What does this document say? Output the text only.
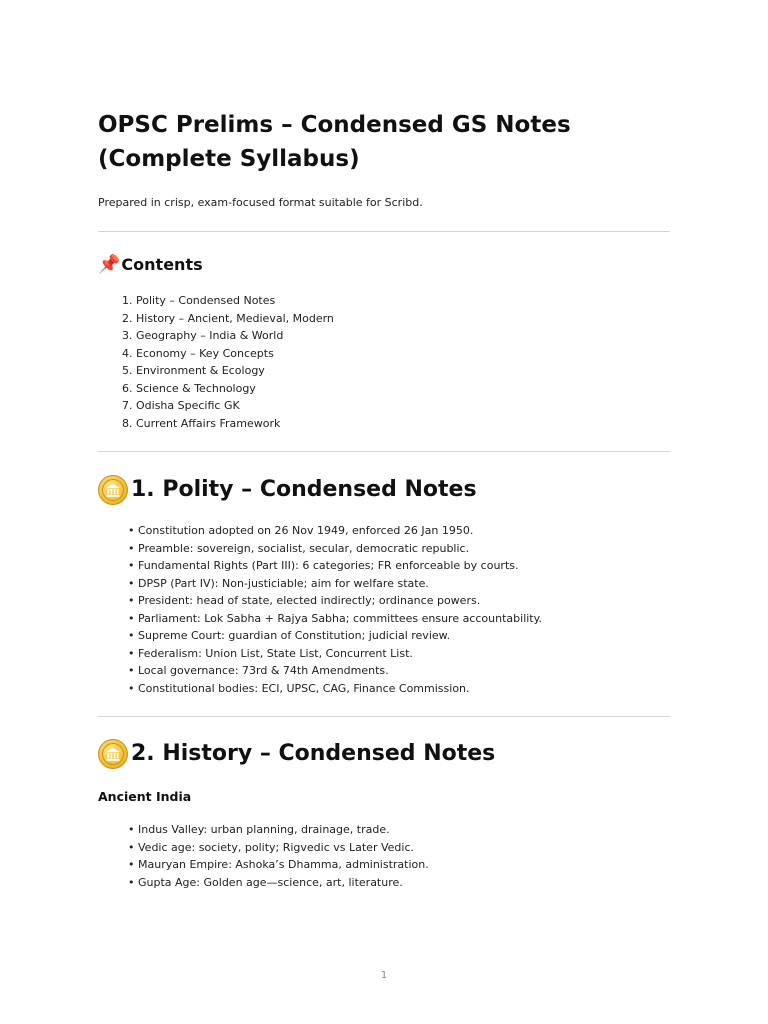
OPSC Prelims – Condensed GS Notes (Complete Syllabus)
Prepared in crisp, exam-focused format suitable for Scribd.
📌 Contents
1. Polity – Condensed Notes
2. History – Ancient, Medieval, Modern
3. Geography – India & World
4. Economy – Key Concepts
5. Environment & Ecology
6. Science & Technology
7. Odisha Specific GK
8. Current Affairs Framework
1. Polity – Condensed Notes
• Constitution adopted on 26 Nov 1949, enforced 26 Jan 1950.
• Preamble: sovereign, socialist, secular, democratic republic.
• Fundamental Rights (Part III): 6 categories; FR enforceable by courts.
• DPSP (Part IV): Non-justiciable; aim for welfare state.
• President: head of state, elected indirectly; ordinance powers.
• Parliament: Lok Sabha + Rajya Sabha; committees ensure accountability.
• Supreme Court: guardian of Constitution; judicial review.
• Federalism: Union List, State List, Concurrent List.
• Local governance: 73rd & 74th Amendments.
• Constitutional bodies: ECI, UPSC, CAG, Finance Commission.
2. History – Condensed Notes
Ancient India
• Indus Valley: urban planning, drainage, trade.
• Vedic age: society, polity; Rigvedic vs Later Vedic.
• Mauryan Empire: Ashoka’s Dhamma, administration.
• Gupta Age: Golden age—science, art, literature.
1
